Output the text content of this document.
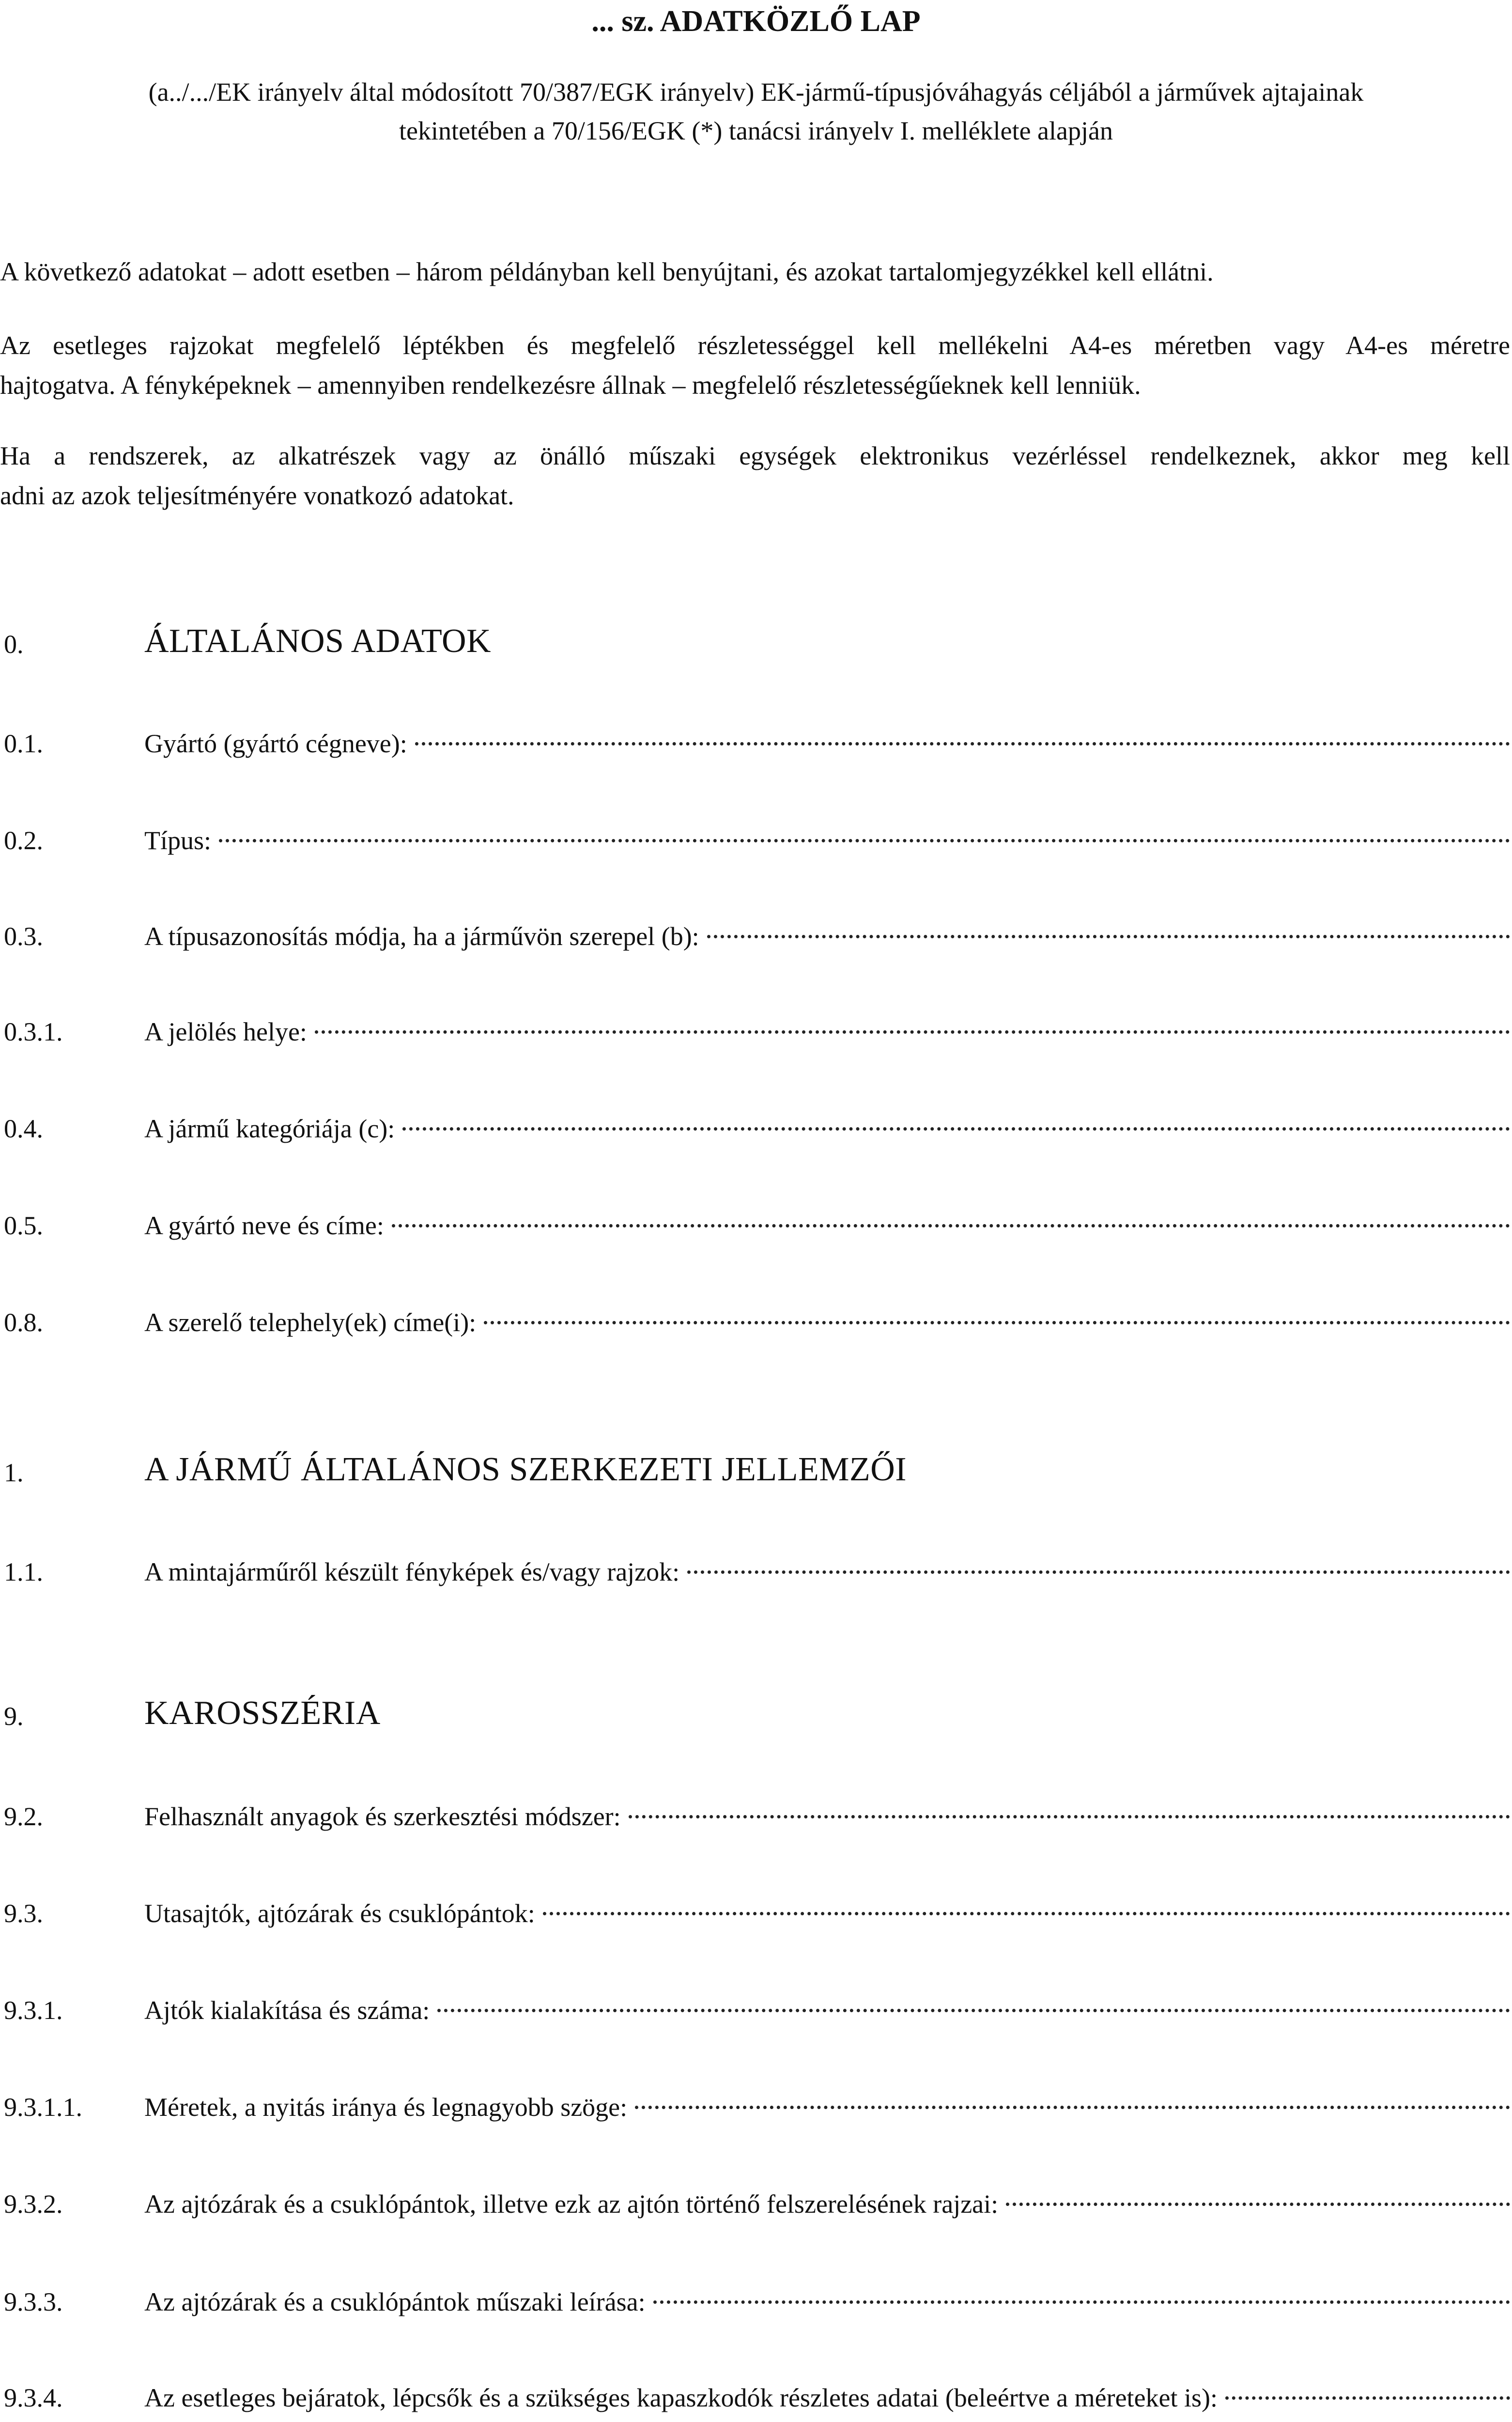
... sz. ADATKÖZLŐ LAP
(a../.../EK irányelv által módosított 70/387/EGK irányelv) EK-jármű-típusjóváhagyás céljából a járművek ajtajainak
tekintetében a 70/156/EGK (*) tanácsi irányelv I. melléklete alapján
A következő adatokat – adott esetben – három példányban kell benyújtani, és azokat tartalomjegyzékkel kell ellátni.
Az esetleges rajzokat megfelelő léptékben és megfelelő részletességgel kell mellékelni A4-es méretben vagy A4-es méretre
hajtogatva. A fényképeknek – amennyiben rendelkezésre állnak – megfelelő részletességűeknek kell lenniük.
Ha a rendszerek, az alkatrészek vagy az önálló műszaki egységek elektronikus vezérléssel rendelkeznek, akkor meg kell
adni az azok teljesítményére vonatkozó adatokat.
0.	ÁLTALÁNOS ADATOK
0.1.	Gyártó (gyártó cégneve):
0.2.	Típus:
0.3.	A típusazonosítás módja, ha a járművön szerepel (b):
0.3.1.	A jelölés helye:
0.4.	A jármű kategóriája (c):
0.5.	A gyártó neve és címe:
0.8.	A szerelő telephely(ek) címe(i):
1.	A JÁRMŰ ÁLTALÁNOS SZERKEZETI JELLEMZŐI
1.1.	A mintajárműről készült fényképek és/vagy rajzok:
9.	KAROSSZÉRIA
9.2.	Felhasznált anyagok és szerkesztési módszer:
9.3.	Utasajtók, ajtózárak és csuklópántok:
9.3.1.	Ajtók kialakítása és száma:
9.3.1.1. Méretek, a nyitás iránya és legnagyobb szöge:
9.3.2.	Az ajtózárak és a csuklópántok, illetve ezk az ajtón történő felszerelésének rajzai:
9.3.3.	Az ajtózárak és a csuklópántok műszaki leírása:
9.3.4.	Az esetleges bejáratok, lépcsők és a szükséges kapaszkodók részletes adatai (beleértve a méreteket is):
